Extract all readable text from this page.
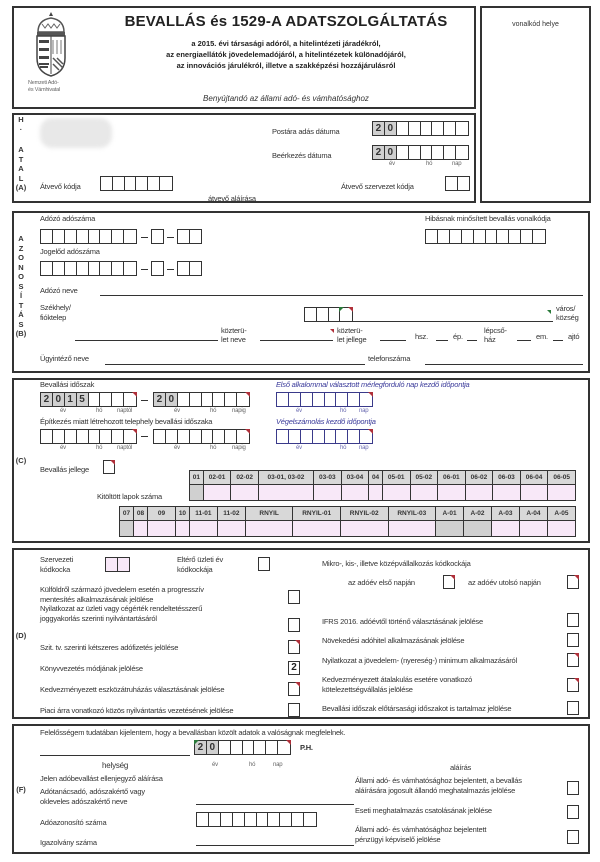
Nemzeti Adó-
és Vámhivatal
BEVALLÁS és 1529-A ADATSZOLGÁLTATÁS
a 2015. évi társasági adóról, a hitelintézeti járadékról,
az energiaellátók jövedelemadójáról, a hitelintézetek különadójáról,
az innovációs járulékról, illetve a szakképzési hozzájárulásról
Benyújtandó az állami adó- és vámhatósághoz
vonalkód helye
H
·
A
T
A
L
(A)
Postára adás dátuma	2 0
Beérkezés dátuma	2 0
év	hó	nap
Átvevő kódja	Átvevő szervezet kódja
átvevő aláírása
A
Z
O
N
O
S
Í
T
Á
S
(B)
Adózó adószáma	Hibásnak minősített bevallás vonalkódja
Jogelőd adószáma
Adózó neve
Székhely/
fióktelep
város/
község
közterü-
let neve
közterü-
let jellege	hsz.	ép.
lépcső-
ház	em.	ajtó
Ügyintéző neve	telefonszáma
(C)
Bevallási időszak
2 0 1 5	2 0
év	hó naptól	év	hó	napig
Első alkalommal választott mérlegforduló nap kezdő időpontja
év	hó nap
Építkezés miatt létrehozott telephely bevallási időszaka
év	hó naptól	év	hó	napig
Végelszámolás kezdő időpontja
év	hó nap
Bevallás jellege
Kitöltött lapok száma
01	02-01	02-02	03-01, 03-02	03-03	03-04	04	05-01	05-02	06-01	06-02	06-03	06-04	06-05

07	08	09	10	11-01	11-02	RNYIL	RNYIL-01	RNYIL-02	RNYIL-03	A-01	A-02	A-03	A-04	A-05

(D)
Szervezeti
kódkocka
Eltérő üzleti év
kódkockája
Külföldről származó jövedelem esetén a progresszív
mentesítés alkalmazásának jelölése
Nyilatkozat az üzleti vagy cégérték rendeltetésszerű
joggyakorlás szerinti nyilvántartásáról
Szit. tv. szerinti kétszeres adófizetés jelölése
Könyvvezetés módjának jelölése	2
Kedvezményezett eszközátruházás választásának jelölése
Piaci árra vonatkozó közös nyilvántartás vezetésének jelölése
Mikro-, kis-, illetve középvállalkozás kódkockája
az adóév első napján	az adóév utolsó napján
IFRS 2016. adóévtől történő választásának jelölése
Növekedési adóhitel alkalmazásának jelölése
Nyilatkozat a jövedelem- (nyereség-) minimum alkalmazásáról
Kedvezményezett átalakulás esetére vonatkozó
kötelezettségvállalás jelölése
Bevallási időszak előtársasági időszakot is tartalmaz jelölése
(F)
Felelősségem tudatában kijelentem, hogy a bevallásban közölt adatok a valóságnak megfelelnek.
helység
2 0	P.H.
év	hó	nap	aláírás
Jelen adóbevallást ellenjegyző aláírása
Adótanácsadó, adószakértő vagy
okleveles adószakértő neve
Adóazonosító száma
Igazolvány száma
Állami adó- és vámhatósághoz bejelentett, a bevallás
aláírására jogosult állandó meghatalmazás jelölése
Eseti meghatalmazás csatolásának jelölése
Állami adó- és vámhatósághoz bejelentett
pénzügyi képviselő jelölése
